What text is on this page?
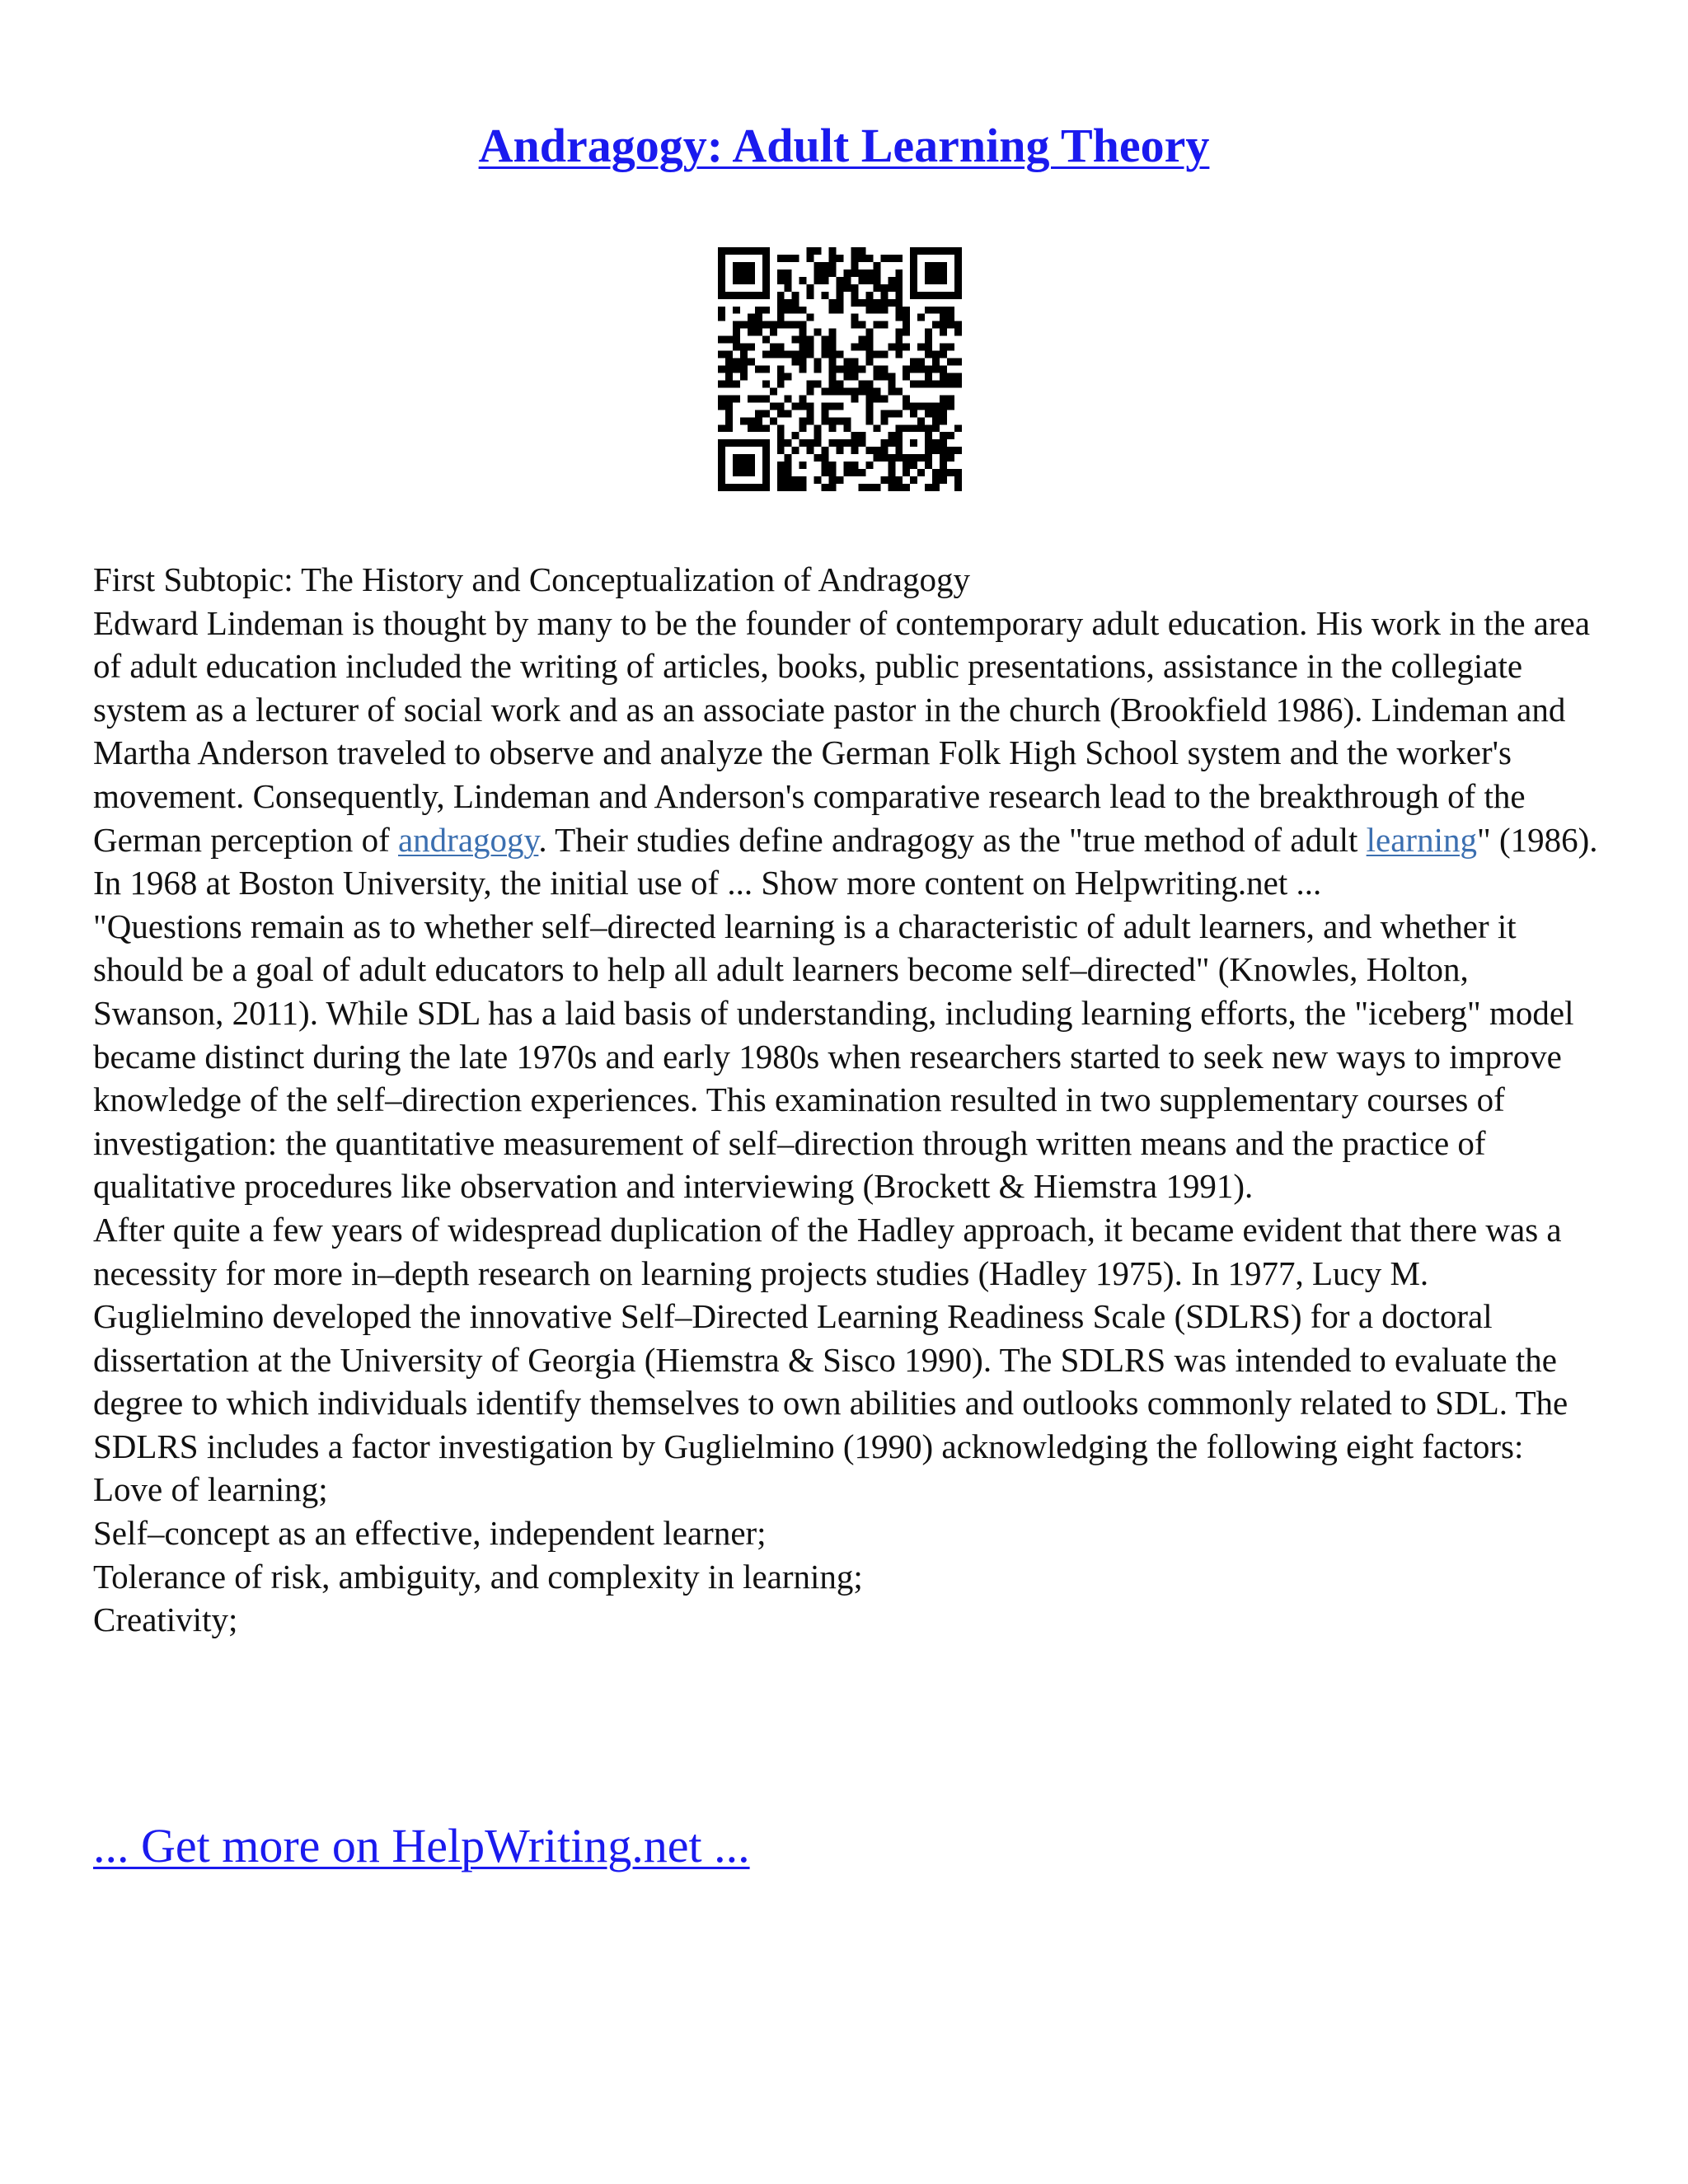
Andragogy: Adult Learning Theory

First Subtopic: The History and Conceptualization of Andragogy

Edward Lindeman is thought by many to be the founder of contemporary adult education. His work in the area of adult education included the writing of articles, books, public presentations, assistance in the collegiate system as a lecturer of social work and as an associate pastor in the church (Brookfield 1986). Lindeman and Martha Anderson traveled to observe and analyze the German Folk High School system and the worker's movement. Consequently, Lindeman and Anderson's comparative research lead to the breakthrough of the German perception of andragogy. Their studies define andragogy as the "true method of adult learning" (1986). In 1968 at Boston University, the initial use of ... Show more content on Helpwriting.net ...

"Questions remain as to whether self–directed learning is a characteristic of adult learners, and whether it should be a goal of adult educators to help all adult learners become self–directed" (Knowles, Holton, Swanson, 2011). While SDL has a laid basis of understanding, including learning efforts, the "iceberg" model became distinct during the late 1970s and early 1980s when researchers started to seek new ways to improve knowledge of the self–direction experiences. This examination resulted in two supplementary courses of investigation: the quantitative measurement of self–direction through written means and the practice of qualitative procedures like observation and interviewing (Brockett & Hiemstra 1991).

After quite a few years of widespread duplication of the Hadley approach, it became evident that there was a necessity for more in–depth research on learning projects studies (Hadley 1975). In 1977, Lucy M. Guglielmino developed the innovative Self–Directed Learning Readiness Scale (SDLRS) for a doctoral dissertation at the University of Georgia (Hiemstra & Sisco 1990). The SDLRS was intended to evaluate the degree to which individuals identify themselves to own abilities and outlooks commonly related to SDL. The SDLRS includes a factor investigation by Guglielmino (1990) acknowledging the following eight factors:

Love of learning;

Self–concept as an effective, independent learner;

Tolerance of risk, ambiguity, and complexity in learning;

Creativity;

... Get more on HelpWriting.net ...
